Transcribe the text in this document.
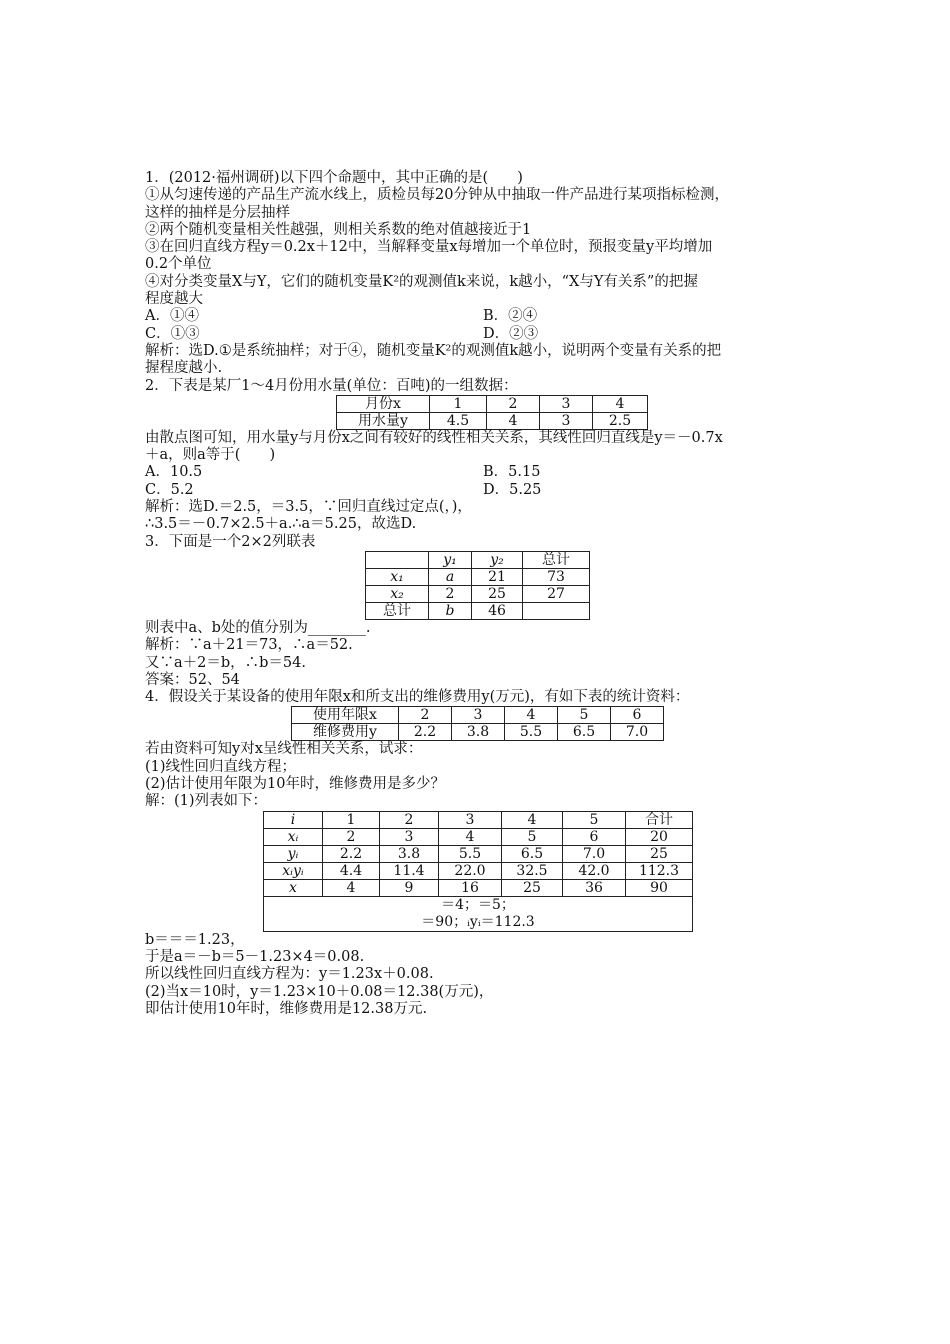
1．(2012·福州调研)以下四个命题中，其中正确的是(　　)
①从匀速传递的产品生产流水线上，质检员每20分钟从中抽取一件产品进行某项指标检测，
这样的抽样是分层抽样
②两个随机变量相关性越强，则相关系数的绝对值越接近于1
③在回归直线方程y＝0.2x＋12中，当解释变量x每增加一个单位时，预报变量y平均增加
0.2个单位
④对分类变量X与Y，它们的随机变量K²的观测值k来说，k越小，“X与Y有关系”的把握
程度越大
A．①④	B．②④
C．①③	D．②③
解析：选D.①是系统抽样；对于④，随机变量K²的观测值k越小，说明两个变量有关系的把
握程度越小.
2．下表是某厂1～4月份用水量(单位：百吨)的一组数据：
月份x	1	2	3	4
用水量y	4.5	4	3	2.5
由散点图可知，用水量y与月份x之间有较好的线性相关关系，其线性回归直线是y＝－0.7x
＋a，则a等于(　　)
A．10.5	B．5.15
C．5.2	D．5.25
解析：选D.＝2.5，＝3.5，∵回归直线过定点(，)，
∴3.5＝－0.7×2.5＋a.∴a＝5.25，故选D.
3．下面是一个2×2列联表
	y₁	y₂	总计
x₁	a	21	73
x₂	2	25	27
总计	b	46	
则表中a、b处的值分别为________.
解析：∵a＋21＝73，∴a＝52.
又∵a＋2＝b，∴b＝54.
答案：52、54
4．假设关于某设备的使用年限x和所支出的维修费用y(万元)，有如下表的统计资料：
使用年限x	2	3	4	5	6
维修费用y	2.2	3.8	5.5	6.5	7.0
若由资料可知y对x呈线性相关关系，试求：
(1)线性回归直线方程；
(2)估计使用年限为10年时，维修费用是多少？
解：(1)列表如下：
i	1	2	3	4	5	合计
xᵢ	2	3	4	5	6	20
yᵢ	2.2	3.8	5.5	6.5	7.0	25
xᵢyᵢ	4.4	11.4	22.0	32.5	42.0	112.3
x	4	9	16	25	36	90

＝4；＝5；
＝90；ᵢyᵢ＝112.3						
b＝＝＝1.23，
于是a＝－b＝5－1.23×4＝0.08.
所以线性回归直线方程为：y＝1.23x＋0.08.
(2)当x＝10时，y＝1.23×10＋0.08＝12.38(万元)，
即估计使用10年时，维修费用是12.38万元.
